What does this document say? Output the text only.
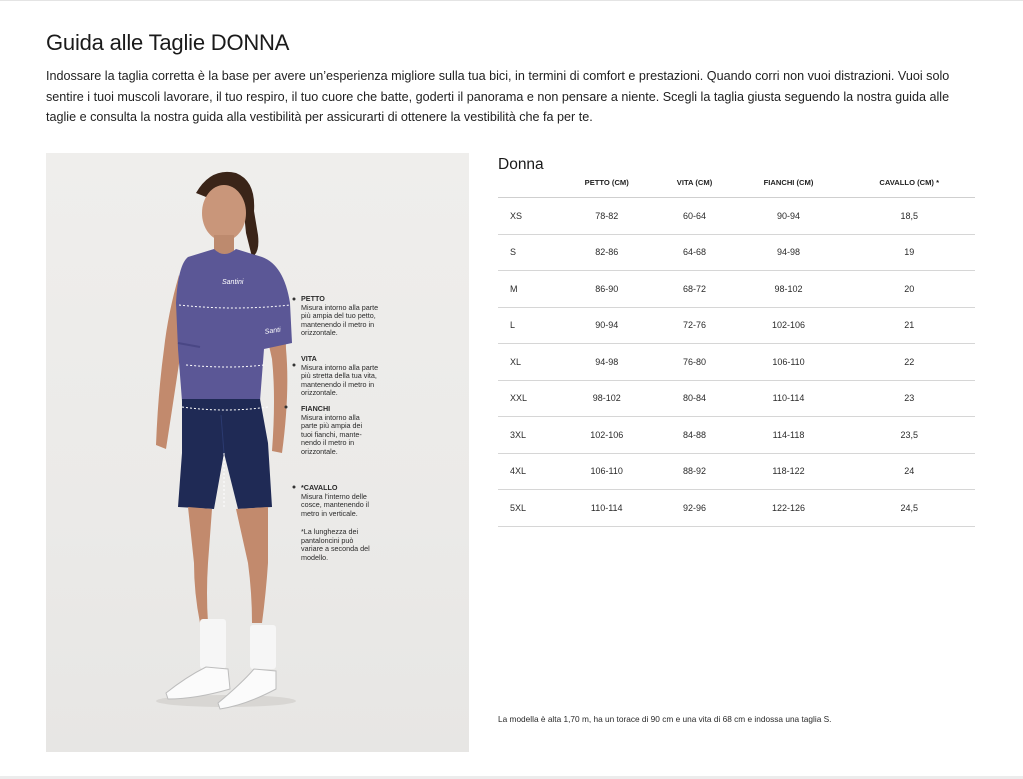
Guida alle Taglie DONNA

Indossare la taglia corretta è la base per avere un’esperienza migliore sulla tua bici, in termini di comfort e prestazioni. Quando corri non vuoi distrazioni. Vuoi solo sentire i tuoi muscoli lavorare, il tuo respiro, il tuo cuore che batte, goderti il panorama e non pensare a niente. Scegli la taglia giusta seguendo la nostra guida alle taglie e consulta la nostra guida alla vestibilità per assicurarti di ottenere la vestibilità che fa per te.

Santini
Santi
PETTO
Misura intorno alla parte più ampia del tuo petto, mantenendo il metro in orizzontale.
VITA
Misura intorno alla parte più stretta della tua vita, mantenendo il metro in orizzontale.
FIANCHI
Misura intorno alla parte più ampia dei tuoi fianchi, mante- nendo il metro in orizzontale.
*CAVALLO
Misura l’interno delle cosce, mantenendo il metro in verticale.
*La lunghezza dei pantaloncini può variare a seconda del modello.
Donna
	PETTO (CM)	VITA (CM)	FIANCHI (CM)	CAVALLO (CM) *
XS	78-82	60-64	90-94	18,5
S	82-86	64-68	94-98	19
M	86-90	68-72	98-102	20
L	90-94	72-76	102-106	21
XL	94-98	76-80	106-110	22
XXL	98-102	80-84	110-114	23
3XL	102-106	84-88	114-118	23,5
4XL	106-110	88-92	118-122	24
5XL	110-114	92-96	122-126	24,5

La modella è alta 1,70 m, ha un torace di 90 cm e una vita di 68 cm e indossa una taglia S.
